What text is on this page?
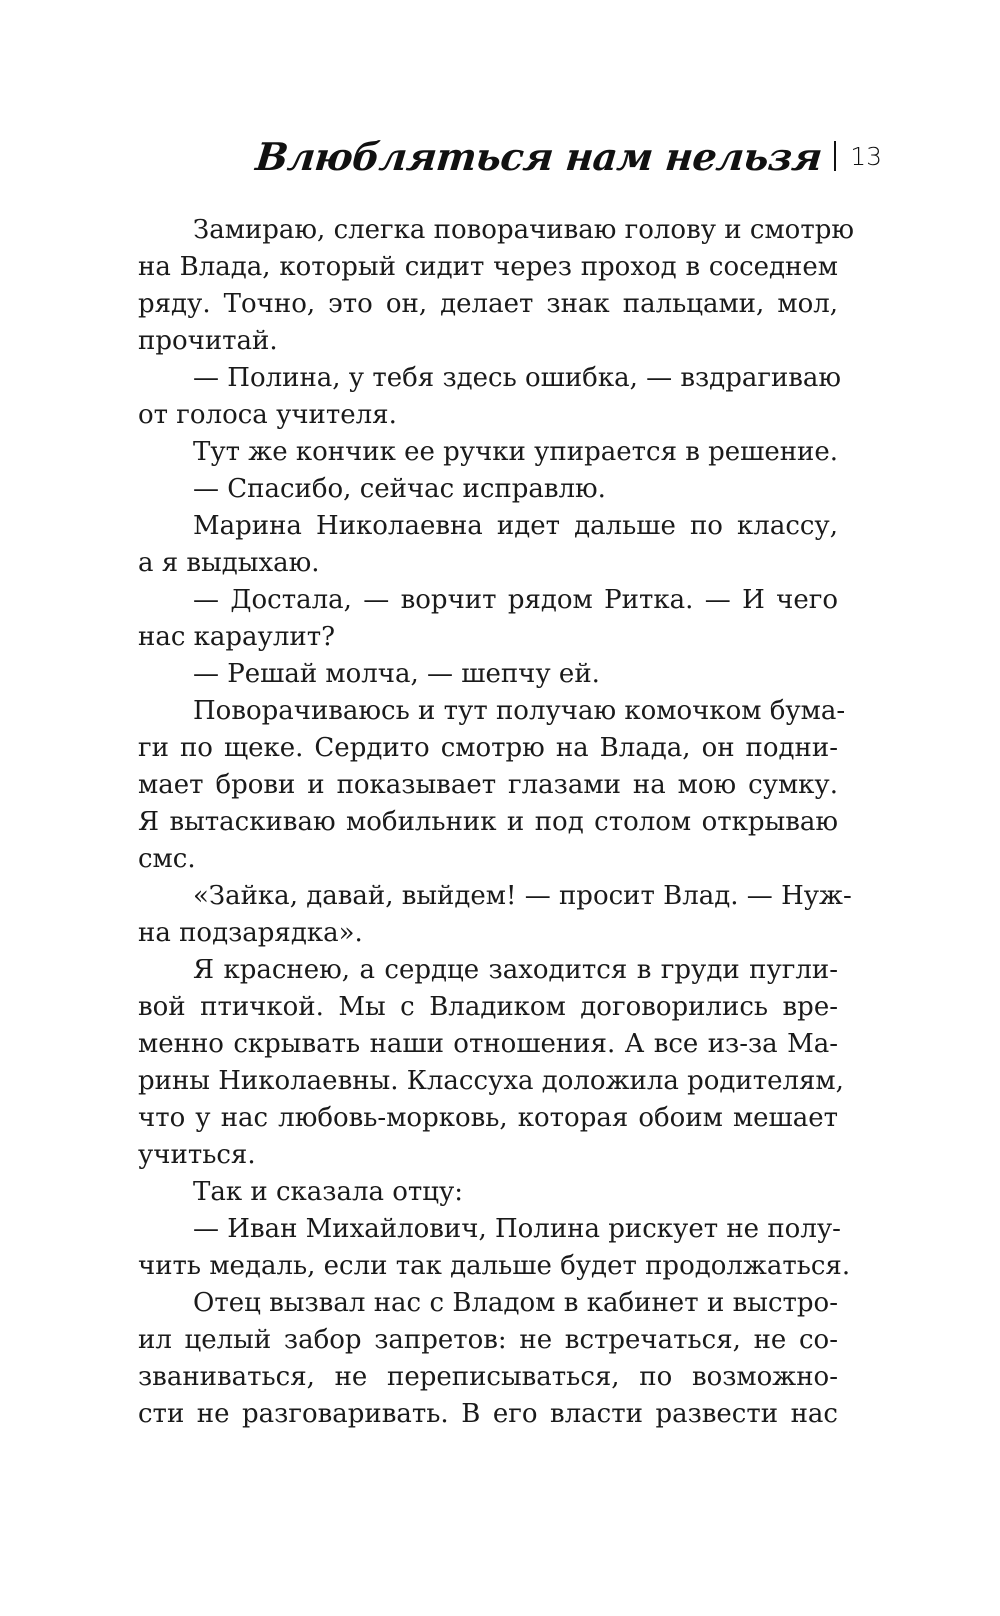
Влюбляться нам нельзя 13
Замираю, слегка поворачиваю голову и смотрю
на Влада, который сидит через проход в соседнем
ряду. Точно, это он, делает знак пальцами, мол,
прочитай.
— Полина, у тебя здесь ошибка, — вздрагиваю
от голоса учителя.
Тут же кончик ее ручки упирается в решение.
— Спасибо, сейчас исправлю.
Марина Николаевна идет дальше по классу,
а я выдыхаю.
— Достала, — ворчит рядом Ритка. — И чего
нас караулит?
— Решай молча, — шепчу ей.
Поворачиваюсь и тут получаю комочком бума-
ги по щеке. Сердито смотрю на Влада, он подни-
мает брови и показывает глазами на мою сумку.
Я вытаскиваю мобильник и под столом открываю
смс.
«Зайка, давай, выйдем! — просит Влад. — Нуж-
на подзарядка».
Я краснею, а сердце заходится в груди пугли-
вой птичкой. Мы с Владиком договорились вре-
менно скрывать наши отношения. А все из-за Ма-
рины Николаевны. Классуха доложила родителям,
что у нас любовь-морковь, которая обоим мешает
учиться.
Так и сказала отцу:
— Иван Михайлович, Полина рискует не полу-
чить медаль, если так дальше будет продолжаться.
Отец вызвал нас с Владом в кабинет и выстро-
ил целый забор запретов: не встречаться, не со-
званиваться, не переписываться, по возможно-
сти не разговаривать. В его власти развести нас
